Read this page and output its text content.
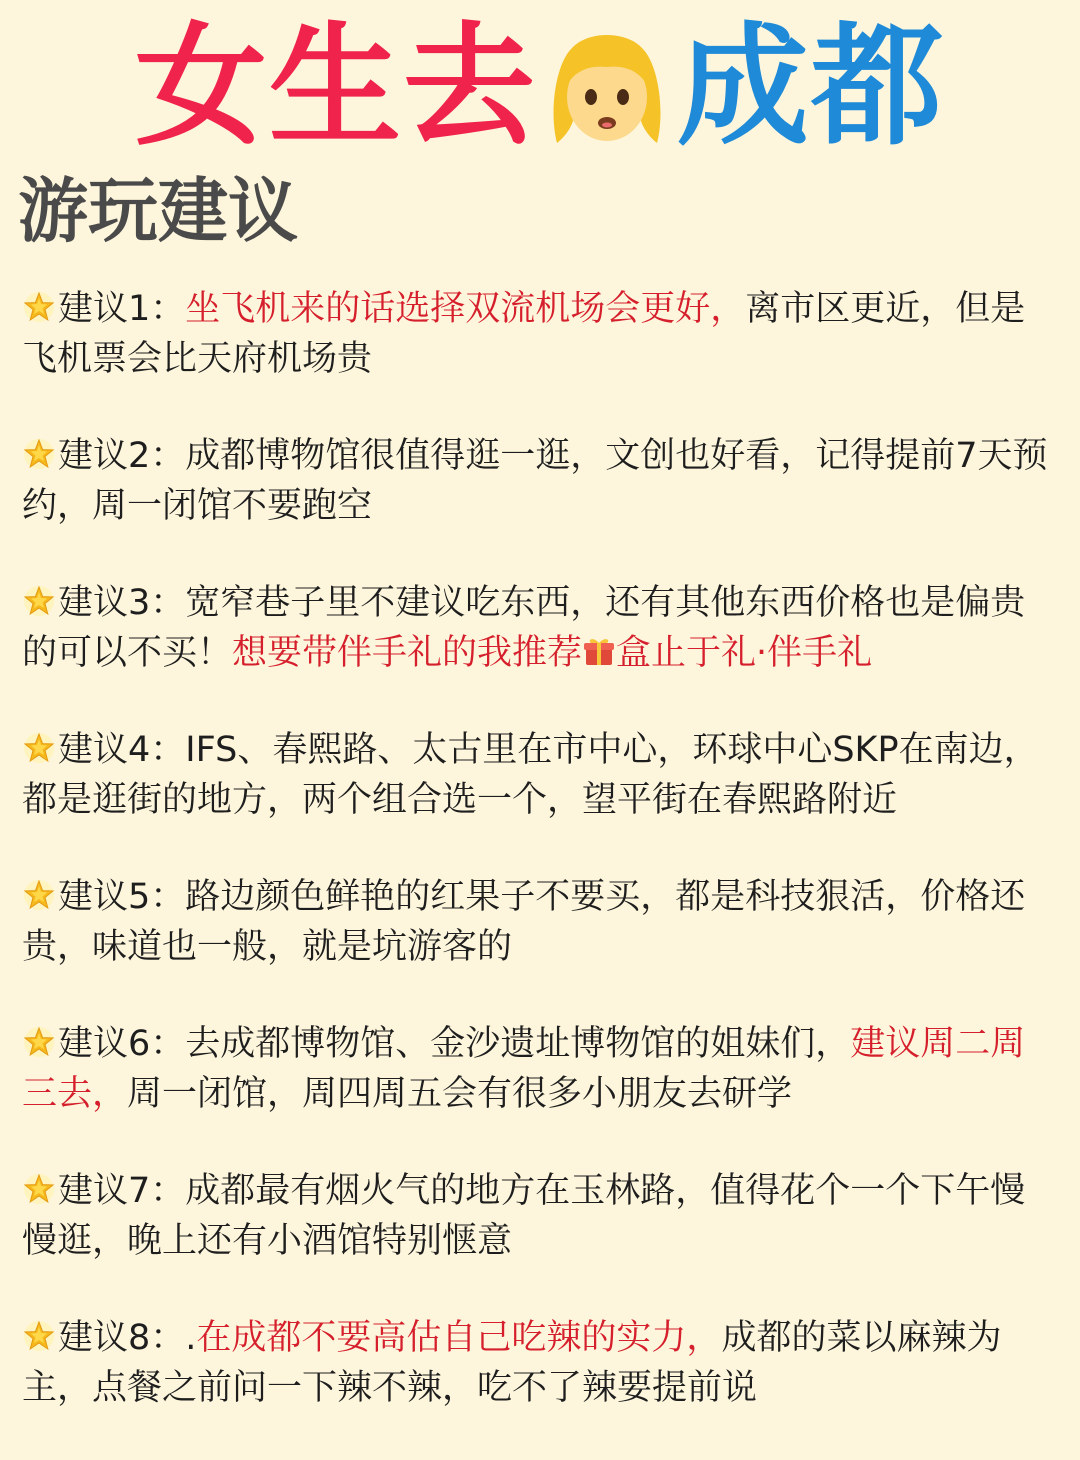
女生去 成都
游玩建议
建议1：坐飞机来的话选择双流机场会更好，离市区更近，但是飞机票会比天府机场贵
建议2：成都博物馆很值得逛一逛，文创也好看，记得提前7天预约，周一闭馆不要跑空
建议3：宽窄巷子里不建议吃东西，还有其他东西价格也是偏贵的可以不买！想要带伴手礼的我推荐 盒止于礼·伴手礼
建议4：IFS、春熙路、太古里在市中心，环球中心SKP在南边，都是逛街的地方，两个组合选一个，望平街在春熙路附近
建议5：路边颜色鲜艳的红果子不要买，都是科技狠活，价格还贵，味道也一般，就是坑游客的
建议6：去成都博物馆、金沙遗址博物馆的姐妹们，建议周二周三去，周一闭馆，周四周五会有很多小朋友去研学
建议7：成都最有烟火气的地方在玉林路，值得花个一个下午慢慢逛，晚上还有小酒馆特别惬意
建议8：.在成都不要高估自己吃辣的实力，成都的菜以麻辣为主，点餐之前问一下辣不辣，吃不了辣要提前说
